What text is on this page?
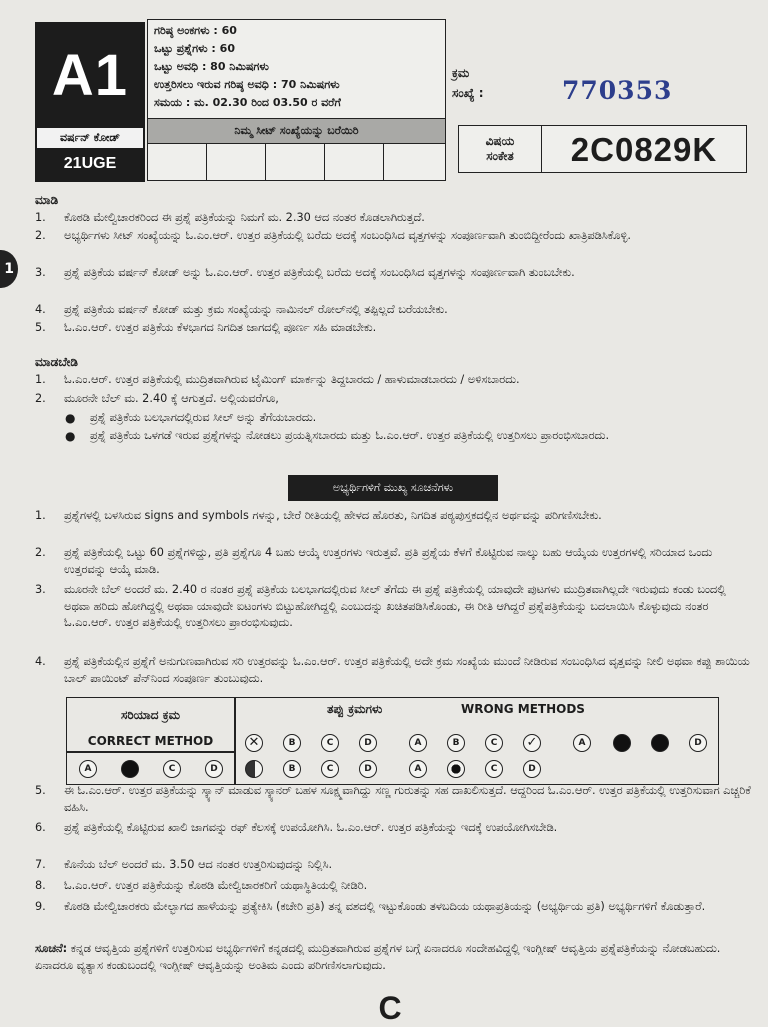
A1
ವರ್ಷನ್ ಕೋಡ್
21UGE
ಗರಿಷ್ಠ ಅಂಕಗಳು : 60
ಒಟ್ಟು ಪ್ರಶ್ನೆಗಳು : 60
ಒಟ್ಟು ಅವಧಿ : 80 ನಿಮಿಷಗಳು
ಉತ್ತರಿಸಲು ಇರುವ ಗರಿಷ್ಠ ಅವಧಿ : 70 ನಿಮಿಷಗಳು
ಸಮಯ : ಮ. 02.30 ರಿಂದ 03.50 ರ ವರೆಗೆ
ನಿಮ್ಮ ಸೀಟ್ ಸಂಖ್ಯೆಯನ್ನು ಬರೆಯಿರಿ
ಕ್ರಮ
ಸಂಖ್ಯೆ :	770353
ವಿಷಯ
ಸಂಕೇತ	2C0829K
1
ಮಾಡಿ
1. ಕೊಠಡಿ ಮೇಲ್ವಿಚಾರಕರಿಂದ ಈ ಪ್ರಶ್ನೆ ಪತ್ರಿಕೆಯನ್ನು ನಿಮಗೆ ಮ. 2.30 ಆದ ನಂತರ ಕೊಡಲಾಗಿರುತ್ತದೆ.
2. ಅಭ್ಯರ್ಥಿಗಳು ಸೀಟ್ ಸಂಖ್ಯೆಯನ್ನು ಓ.ಎಂ.ಆರ್. ಉತ್ತರ ಪತ್ರಿಕೆಯಲ್ಲಿ ಬರೆದು ಅದಕ್ಕೆ ಸಂಬಂಧಿಸಿದ ವೃತ್ತಗಳನ್ನು ಸಂಪೂರ್ಣವಾಗಿ ತುಂಬಿದ್ದೀರೆಂದು ಖಾತ್ರಿಪಡಿಸಿಕೊಳ್ಳಿ.
3. ಪ್ರಶ್ನೆ ಪತ್ರಿಕೆಯ ವರ್ಷನ್ ಕೋಡ್ ಅನ್ನು ಓ.ಎಂ.ಆರ್. ಉತ್ತರ ಪತ್ರಿಕೆಯಲ್ಲಿ ಬರೆದು ಅದಕ್ಕೆ ಸಂಬಂಧಿಸಿದ ವೃತ್ತಗಳನ್ನು ಸಂಪೂರ್ಣವಾಗಿ ತುಂಬಬೇಕು.
4. ಪ್ರಶ್ನೆ ಪತ್ರಿಕೆಯ ವರ್ಷನ್ ಕೋಡ್ ಮತ್ತು ಕ್ರಮ ಸಂಖ್ಯೆಯನ್ನು ನಾಮಿನಲ್ ರೋಲ್‌ನಲ್ಲಿ ತಪ್ಪಿಲ್ಲದೆ ಬರೆಯಬೇಕು.
5. ಓ.ಎಂ.ಆರ್. ಉತ್ತರ ಪತ್ರಿಕೆಯ ಕೆಳಭಾಗದ ನಿಗದಿತ ಜಾಗದಲ್ಲಿ ಪೂರ್ಣ ಸಹಿ ಮಾಡಬೇಕು.
ಮಾಡಬೇಡಿ
1. ಓ.ಎಂ.ಆರ್. ಉತ್ತರ ಪತ್ರಿಕೆಯಲ್ಲಿ ಮುದ್ರಿತವಾಗಿರುವ ಟೈಮಿಂಗ್ ಮಾರ್ಕನ್ನು ತಿದ್ದಬಾರದು / ಹಾಳುಮಾಡಬಾರದು / ಅಳಿಸಬಾರದು.
2. ಮೂರನೇ ಬೆಲ್ ಮ. 2.40 ಕ್ಕೆ ಆಗುತ್ತದೆ. ಅಲ್ಲಿಯವರೆಗೂ,
● ಪ್ರಶ್ನೆ ಪತ್ರಿಕೆಯ ಬಲಭಾಗದಲ್ಲಿರುವ ಸೀಲ್ ಅನ್ನು ತೆಗೆಯಬಾರದು.
● ಪ್ರಶ್ನೆ ಪತ್ರಿಕೆಯ ಒಳಗಡೆ ಇರುವ ಪ್ರಶ್ನೆಗಳನ್ನು ನೋಡಲು ಪ್ರಯತ್ನಿಸಬಾರದು ಮತ್ತು ಓ.ಎಂ.ಆರ್. ಉತ್ತರ ಪತ್ರಿಕೆಯಲ್ಲಿ ಉತ್ತರಿಸಲು ಪ್ರಾರಂಭಿಸಬಾರದು.
ಅಭ್ಯರ್ಥಿಗಳಿಗೆ ಮುಖ್ಯ ಸೂಚನೆಗಳು
1. ಪ್ರಶ್ನೆಗಳಲ್ಲಿ ಬಳಸಿರುವ signs and symbols ಗಳನ್ನು, ಬೇರೆ ರೀತಿಯಲ್ಲಿ ಹೇಳದ ಹೊರತು, ನಿಗದಿತ ಪಠ್ಯಪುಸ್ತಕದಲ್ಲಿನ ಅರ್ಥವನ್ನು ಪರಿಗಣಿಸಬೇಕು.
2. ಪ್ರಶ್ನೆ ಪತ್ರಿಕೆಯಲ್ಲಿ ಒಟ್ಟು 60 ಪ್ರಶ್ನೆಗಳಿದ್ದು, ಪ್ರತಿ ಪ್ರಶ್ನೆಗೂ 4 ಬಹು ಆಯ್ಕೆ ಉತ್ತರಗಳು ಇರುತ್ತವೆ. ಪ್ರತಿ ಪ್ರಶ್ನೆಯ ಕೆಳಗೆ ಕೊಟ್ಟಿರುವ ನಾಲ್ಕು ಬಹು ಆಯ್ಕೆಯ ಉತ್ತರಗಳಲ್ಲಿ ಸರಿಯಾದ ಒಂದು ಉತ್ತರವನ್ನು ಆಯ್ಕೆ ಮಾಡಿ.
3. ಮೂರನೇ ಬೆಲ್ ಅಂದರೆ ಮ. 2.40 ರ ನಂತರ ಪ್ರಶ್ನೆ ಪತ್ರಿಕೆಯ ಬಲಭಾಗದಲ್ಲಿರುವ ಸೀಲ್ ತೆಗೆದು ಈ ಪ್ರಶ್ನೆ ಪತ್ರಿಕೆಯಲ್ಲಿ ಯಾವುದೇ ಪುಟಗಳು ಮುದ್ರಿತವಾಗಿಲ್ಲದೇ ಇರುವುದು ಕಂಡು ಬಂದಲ್ಲಿ ಅಥವಾ ಹರಿದು ಹೋಗಿದ್ದಲ್ಲಿ ಅಥವಾ ಯಾವುದೇ ಐಟಂಗಳು ಬಿಟ್ಟುಹೋಗಿದ್ದಲ್ಲಿ ಎಂಬುದನ್ನು ಖಚಿತಪಡಿಸಿಕೊಂಡು, ಈ ರೀತಿ ಆಗಿದ್ದರೆ ಪ್ರಶ್ನೆಪತ್ರಿಕೆಯನ್ನು ಬದಲಾಯಿಸಿ ಕೊಳ್ಳುವುದು ನಂತರ ಓ.ಎಂ.ಆರ್. ಉತ್ತರ ಪತ್ರಿಕೆಯಲ್ಲಿ ಉತ್ತರಿಸಲು ಪ್ರಾರಂಭಿಸುವುದು.
4. ಪ್ರಶ್ನೆ ಪತ್ರಿಕೆಯಲ್ಲಿನ ಪ್ರಶ್ನೆಗೆ ಅನುಗುಣವಾಗಿರುವ ಸರಿ ಉತ್ತರವನ್ನು ಓ.ಎಂ.ಆರ್. ಉತ್ತರ ಪತ್ರಿಕೆಯಲ್ಲಿ ಅದೇ ಕ್ರಮ ಸಂಖ್ಯೆಯ ಮುಂದೆ ನೀಡಿರುವ ಸಂಬಂಧಿಸಿದ ವೃತ್ತವನ್ನು ನೀಲಿ ಅಥವಾ ಕಪ್ಪು ಶಾಯಿಯ ಬಾಲ್ ಪಾಯಿಂಟ್ ಪೆನ್‌ನಿಂದ ಸಂಪೂರ್ಣ ತುಂಬುವುದು.
ಸರಿಯಾದ ಕ್ರಮ
CORRECT METHOD
ತಪ್ಪು ಕ್ರಮಗಳು	WRONG METHODS
A	C	D
✕	B	C	D	A	B	C	✓	A	D
B	C	D	A	C	D
5. ಈ ಓ.ಎಂ.ಆರ್. ಉತ್ತರ ಪತ್ರಿಕೆಯನ್ನು ಸ್ಕ್ಯಾನ್ ಮಾಡುವ ಸ್ಕ್ಯಾನರ್ ಬಹಳ ಸೂಕ್ಷ್ಮವಾಗಿದ್ದು ಸಣ್ಣ ಗುರುತನ್ನು ಸಹ ದಾಖಲಿಸುತ್ತದೆ. ಆದ್ದರಿಂದ ಓ.ಎಂ.ಆರ್. ಉತ್ತರ ಪತ್ರಿಕೆಯಲ್ಲಿ ಉತ್ತರಿಸುವಾಗ ಎಚ್ಚರಿಕೆ ವಹಿಸಿ.
6. ಪ್ರಶ್ನೆ ಪತ್ರಿಕೆಯಲ್ಲಿ ಕೊಟ್ಟಿರುವ ಖಾಲಿ ಜಾಗವನ್ನು ರಫ್ ಕೆಲಸಕ್ಕೆ ಉಪಯೋಗಿಸಿ. ಓ.ಎಂ.ಆರ್. ಉತ್ತರ ಪತ್ರಿಕೆಯನ್ನು ಇದಕ್ಕೆ ಉಪಯೋಗಿಸಬೇಡಿ.
7. ಕೊನೆಯ ಬೆಲ್ ಅಂದರೆ ಮ. 3.50 ಆದ ನಂತರ ಉತ್ತರಿಸುವುದನ್ನು ನಿಲ್ಲಿಸಿ.
8. ಓ.ಎಂ.ಆರ್. ಉತ್ತರ ಪತ್ರಿಕೆಯನ್ನು ಕೊಠಡಿ ಮೇಲ್ವಿಚಾರಕರಿಗೆ ಯಥಾಸ್ಥಿತಿಯಲ್ಲಿ ನೀಡಿರಿ.
9. ಕೊಠಡಿ ಮೇಲ್ವಿಚಾರಕರು ಮೇಲ್ಭಾಗದ ಹಾಳೆಯನ್ನು ಪ್ರತ್ಯೇಕಿಸಿ (ಕಚೇರಿ ಪ್ರತಿ) ತನ್ನ ವಶದಲ್ಲಿ ಇಟ್ಟುಕೊಂಡು ತಳಬದಿಯ ಯಥಾಪ್ರತಿಯನ್ನು (ಅಭ್ಯರ್ಥಿಯ ಪ್ರತಿ) ಅಭ್ಯರ್ಥಿಗಳಿಗೆ ಕೊಡುತ್ತಾರೆ.
ಸೂಚನೆ: ಕನ್ನಡ ಆವೃತ್ತಿಯ ಪ್ರಶ್ನೆಗಳಿಗೆ ಉತ್ತರಿಸುವ ಅಭ್ಯರ್ಥಿಗಳಿಗೆ ಕನ್ನಡದಲ್ಲಿ ಮುದ್ರಿತವಾಗಿರುವ ಪ್ರಶ್ನೆಗಳ ಬಗ್ಗೆ ಏನಾದರೂ ಸಂದೇಹವಿದ್ದಲ್ಲಿ ಇಂಗ್ಲೀಷ್ ಆವೃತ್ತಿಯ ಪ್ರಶ್ನೆಪತ್ರಿಕೆಯನ್ನು ನೋಡಬಹುದು. ಏನಾದರೂ ವ್ಯತ್ಯಾಸ ಕಂಡುಬಂದಲ್ಲಿ ಇಂಗ್ಲೀಷ್ ಆವೃತ್ತಿಯನ್ನು ಅಂತಿಮ ಎಂದು ಪರಿಗಣಿಸಲಾಗುವುದು.
C
